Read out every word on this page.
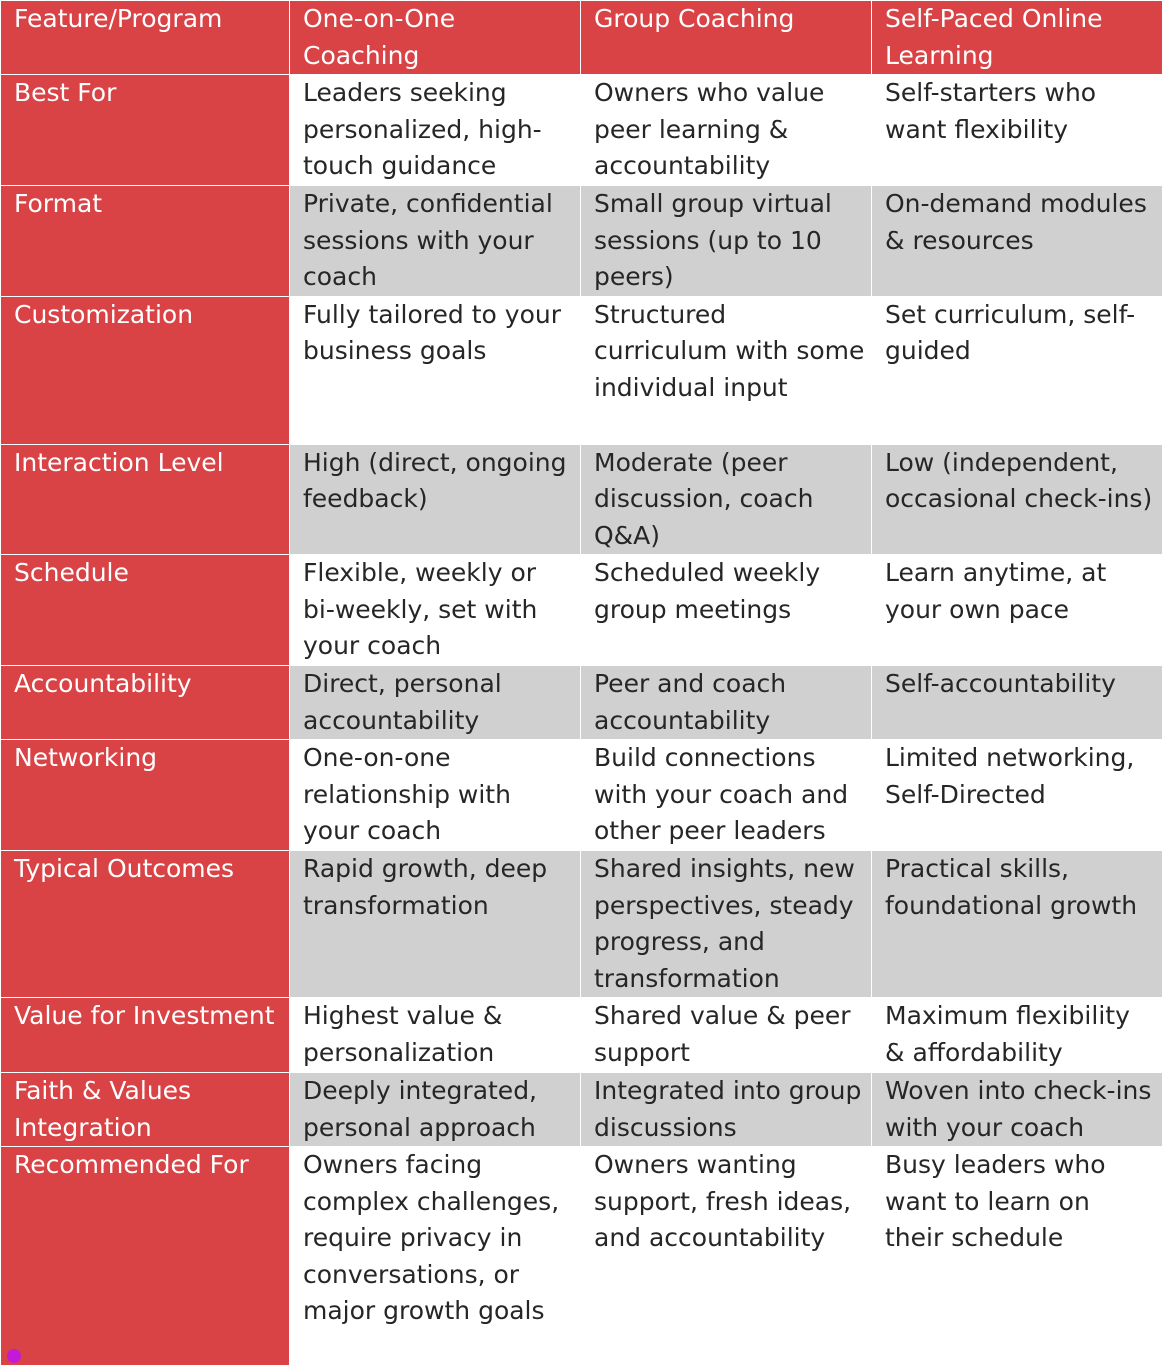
Feature/Program	One-on-One Coaching	Group Coaching	Self-Paced Online Learning
Best For	Leaders seeking personalized, high-touch guidance	Owners who value peer learning & accountability	Self-starters who want flexibility
Format	Private, confidential sessions with your coach	Small group virtual sessions (up to 10 peers)	On-demand modules & resources
Customization	Fully tailored to your business goals	Structured curriculum with some individual input	Set curriculum, self-guided
Interaction Level	High (direct, ongoing feedback)	Moderate (peer discussion, coach Q&A)	Low (independent, occasional check-ins)
Schedule	Flexible, weekly or bi-weekly, set with your coach	Scheduled weekly group meetings	Learn anytime, at your own pace
Accountability	Direct, personal accountability	Peer and coach accountability	Self-accountability
Networking	One-on-one relationship with your coach	Build connections with your coach and other peer leaders	Limited networking, Self-Directed
Typical Outcomes	Rapid growth, deep transformation	Shared insights, new perspectives, steady progress, and transformation	Practical skills, foundational growth
Value for Investment	Highest value & personalization	Shared value & peer support	Maximum flexibility & affordability
Faith & Values Integration	Deeply integrated, personal approach	Integrated into group discussions	Woven into check-ins with your coach
Recommended For	Owners facing complex challenges, require privacy in conversations, or major growth goals	Owners wanting support, fresh ideas, and accountability	Busy leaders who want to learn on their schedule
